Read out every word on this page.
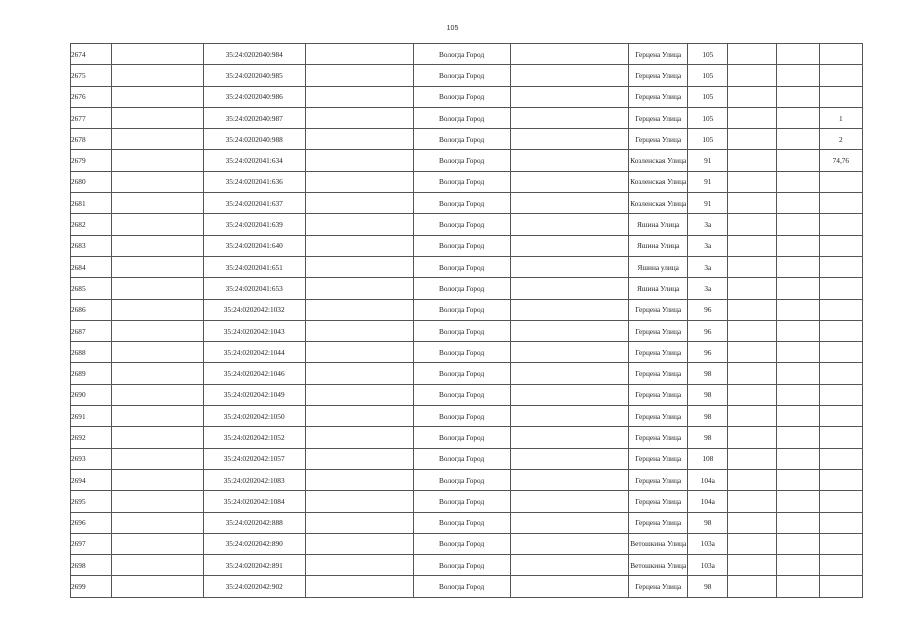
105
2674		35:24:0202040:984		Вологда Город		Герцена Улица	105			
2675		35:24:0202040:985		Вологда Город		Герцена Улица	105			
2676		35:24:0202040:986		Вологда Город		Герцена Улица	105			
2677		35:24:0202040:987		Вологда Город		Герцена Улица	105			1
2678		35:24:0202040:988		Вологда Город		Герцена Улица	105			2
2679		35:24:0202041:634		Вологда Город		Козленская Улица	91			74,76
2680		35:24:0202041:636		Вологда Город		Козленская Улица	91			
2681		35:24:0202041:637		Вологда Город		Козленская Улица	91			
2682		35:24:0202041:639		Вологда Город		Яшина Улица	3а			
2683		35:24:0202041:640		Вологда Город		Яшина Улица	3а			
2684		35:24:0202041:651		Вологда Город		Яшина улица	3а			
2685		35:24:0202041:653		Вологда Город		Яшина Улица	3а			
2686		35:24:0202042:1032		Вологда Город		Герцена Улица	96			
2687		35:24:0202042:1043		Вологда Город		Герцена Улица	96			
2688		35:24:0202042:1044		Вологда Город		Герцена Улица	96			
2689		35:24:0202042:1046		Вологда Город		Герцена Улица	98			
2690		35:24:0202042:1049		Вологда Город		Герцена Улица	98			
2691		35:24:0202042:1050		Вологда Город		Герцена Улица	98			
2692		35:24:0202042:1052		Вологда Город		Герцена Улица	98			
2693		35:24:0202042:1057		Вологда Город		Герцена Улица	108			
2694		35:24:0202042:1083		Вологда Город		Герцена Улица	104а			
2695		35:24:0202042:1084		Вологда Город		Герцена Улица	104а			
2696		35:24:0202042:888		Вологда Город		Герцена Улица	98			
2697		35:24:0202042:890		Вологда Город		Ветошкина Улица	103а			
2698		35:24:0202042:891		Вологда Город		Ветошкина Улица	103а			
2699		35:24:0202042:902		Вологда Город		Герцена Улица	98			
